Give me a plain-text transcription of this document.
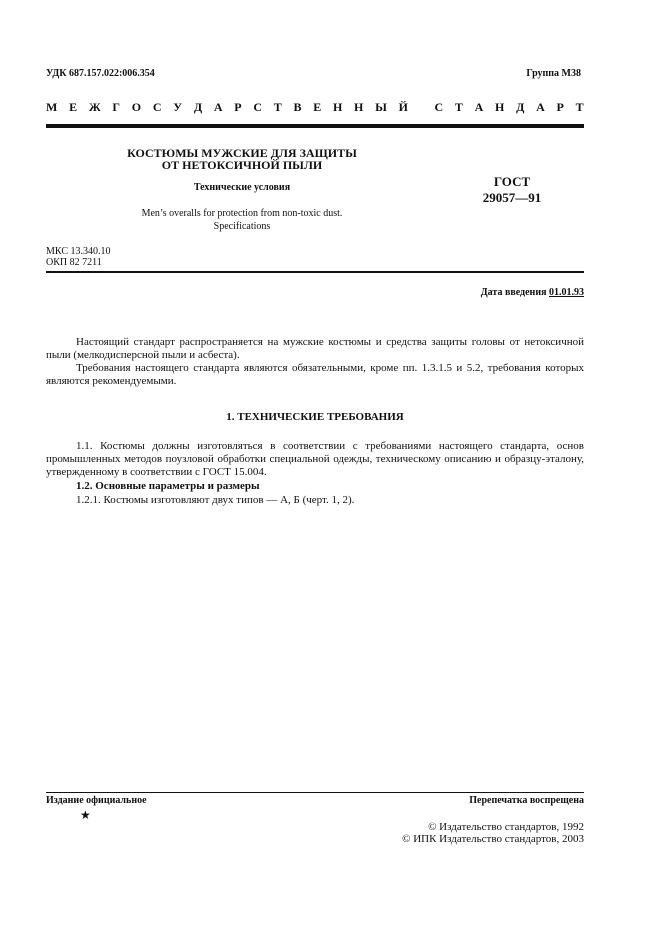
УДК 687.157.022:006.354	Группа М38
М Е Ж Г О С У Д А Р С Т В Е Н Н Ы Й
С Т А Н Д А Р Т
КОСТЮМЫ МУЖСКИЕ ДЛЯ ЗАЩИТЫ
ОТ НЕТОКСИЧНОЙ ПЫЛИ
Технические условия
Men’s overalls for protection from non-toxic dust.
Specifications
ГОСТ
29057—91
МКС 13.340.10
ОКП 82 7211
Дата введения 01.01.93
Настоящий стандарт распространяется на мужские костюмы и средства защиты головы от нетоксичной пыли (мелкодисперсной пыли и асбеста).
Требования настоящего стандарта являются обязательными, кроме пп. 1.3.1.5 и 5.2, требования которых являются рекомендуемыми.
1. ТЕХНИЧЕСКИЕ ТРЕБОВАНИЯ
1.1. Костюмы должны изготовляться в соответствии с требованиями настоящего стандарта, основ промышленных методов поузловой обработки специальной одежды, техническому описанию и образцу-эталону, утвержденному в соответствии с ГОСТ 15.004.
1.2. Основные параметры и размеры
1.2.1. Костюмы изготовляют двух типов — А, Б (черт. 1, 2).
Издание официальное	Перепечатка воспрещена
★
© Издательство стандартов, 1992
© ИПК Издательство стандартов, 2003
